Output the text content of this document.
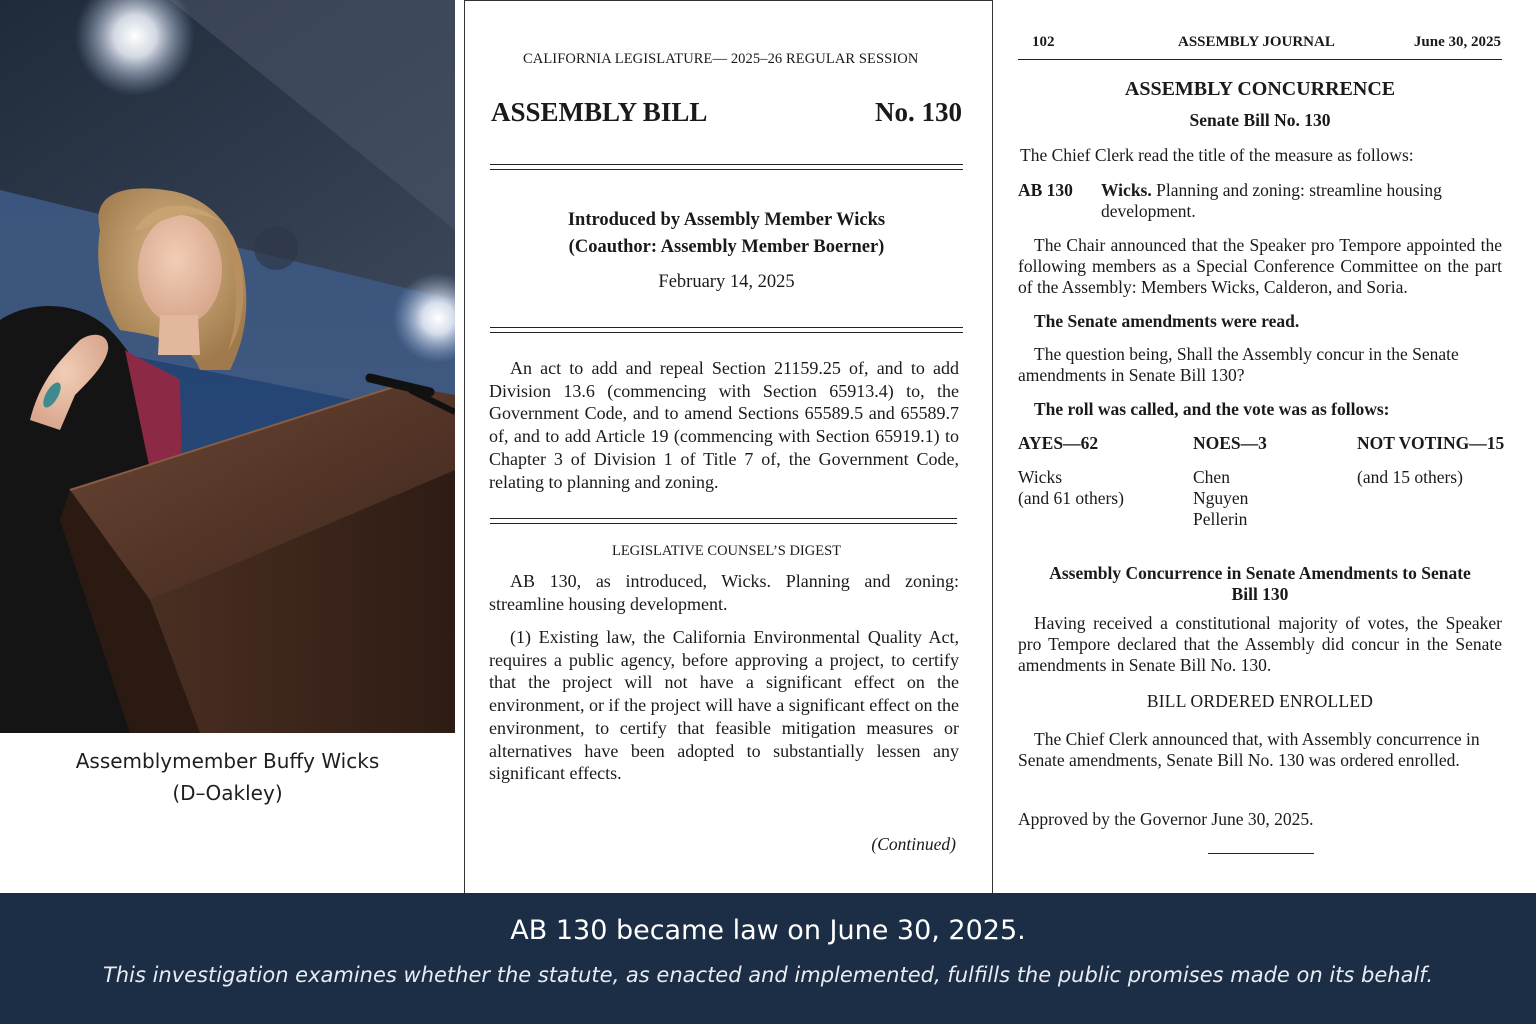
Assemblymember Buffy Wicks
(D–Oakley)
CALIFORNIA LEGISLATURE— 2025–26 REGULAR SESSION
ASSEMBLY BILL	No. 130
Introduced by Assembly Member Wicks
(Coauthor: Assembly Member Boerner)
February 14, 2025
An act to add and repeal Section 21159.25 of, and to add Division 13.6 (commencing with Section 65913.4) to, the Government Code, and to amend Sections 65589.5 and 65589.7 of, and to add Article 19 (commencing with Section 65919.1) to Chapter 3 of Division 1 of Title 7 of, the Government Code, relating to planning and zoning.
LEGISLATIVE COUNSEL’S DIGEST
AB 130, as introduced, Wicks. Planning and zoning: streamline housing development.
(1) Existing law, the California Environmental Quality Act, requires a public agency, before approving a project, to certify that the project will not have a significant effect on the environment, or if the project will have a significant effect on the environment, to certify that feasible mitigation measures or alternatives have been adopted to substantially lessen any significant effects.
(Continued)
102	ASSEMBLY JOURNAL	June 30, 2025
ASSEMBLY CONCURRENCE
Senate Bill No. 130
The Chief Clerk read the title of the measure as follows:
AB 130	Wicks. Planning and zoning: streamline housing
development.
The Chair announced that the Speaker pro Tempore appointed the following members as a Special Conference Committee on the part of the Assembly: Members Wicks, Calderon, and Soria.
The Senate amendments were read.
The question being, Shall the Assembly concur in the Senate amendments in Senate Bill 130?
The roll was called, and the vote was as follows:
AYES—62
Wicks
(and 61 others)
NOES—3
Chen
Nguyen
Pellerin
NOT VOTING—15
(and 15 others)
Assembly Concurrence in Senate Amendments to Senate
Bill 130
Having received a constitutional majority of votes, the Speaker pro Tempore declared that the Assembly did concur in the Senate amendments in Senate Bill No. 130.
BILL ORDERED ENROLLED
The Chief Clerk announced that, with Assembly concurrence in Senate amendments, Senate Bill No. 130 was ordered enrolled.
Approved by the Governor June 30, 2025.
AB 130 became law on June 30, 2025.
This investigation examines whether the statute, as enacted and implemented, fulfills the public promises made on its behalf.
